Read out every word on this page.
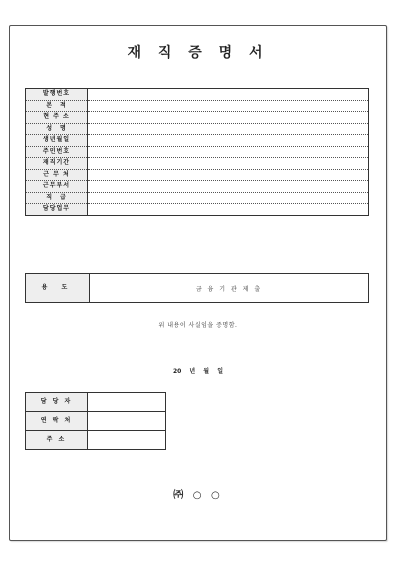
재 직 증 명 서
발행번호	
본　적	
현 주 소	
성　명	
생년월일	
주민번호	
재직기간	
근 무 처	
근무부서	
직　급	
담당업무	
용 도	금 융 기 관 제 출
위 내용이 사실임을 증명함.
20 년 월 일
담 당 자	
연 락 처	
주 소	
㈜ ○ ○
